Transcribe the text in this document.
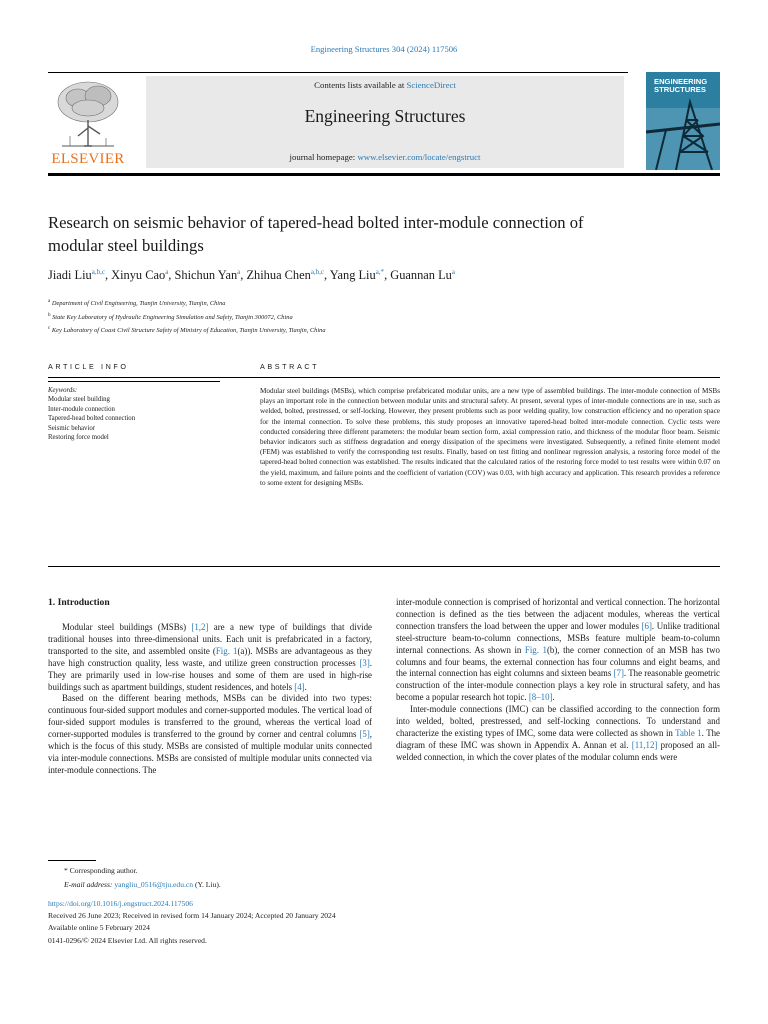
Engineering Structures 304 (2024) 117506
ELSEVIER
Contents lists available at ScienceDirect
Engineering Structures
journal homepage: www.elsevier.com/locate/engstruct
ENGINEERING
STRUCTURES
Research on seismic behavior of tapered-head bolted inter-module connection of modular steel buildings
Jiadi Liu$^{a,b,c}$, Xinyu Cao$^a$, Shichun Yan$^a$, Zhihua Chen$^{a,b,c}$, Yang Liu$^{a,*}$, Guannan Lu$^a$
$^a$ Department of Civil Engineering, Tianjin University, Tianjin, China
$^b$ State Key Laboratory of Hydraulic Engineering Simulation and Safety, Tianjin 300072, China
$^c$ Key Laboratory of Coast Civil Structure Safety of Ministry of Education, Tianjin University, Tianjin, China
ARTICLE INFO	ABSTRACT
Keywords:
Modular steel building
Inter-module connection
Tapered-head bolted connection
Seismic behavior
Restoring force model
Modular steel buildings (MSBs), which comprise prefabricated modular units, are a new type of assembled buildings. The inter-module connection of MSBs plays an important role in the connection between modular units and structural safety. At present, several types of inter-module connections are in use, such as welded, bolted, prestressed, or self-locking. However, they present problems such as poor welding quality, low construction efficiency and no operation space for the internal connection. To solve these problems, this study proposes an innovative tapered-head bolted inter-module connection. Cyclic tests were conducted considering three different parameters: the modular beam section form, axial compression ratio, and thickness of the modular floor beam. Seismic behavior indicators such as stiffness degradation and energy dissipation of the specimens were investigated. Subsequently, a refined finite element model (FEM) was established to verify the corresponding test results. Finally, based on test fitting and nonlinear regression analysis, a restoring force model of the tapered-head bolted connection was established. The results indicated that the calculated ratios of the restoring force model to test results were within 0.07 on the yield, maximum, and failure points and the coefficient of variation (COV) was 0.03, with high accuracy and application. This research provides a reference to some extent for designing MSBs.
1. Introduction

Modular steel buildings (MSBs) [1,2] are a new type of buildings that divide traditional houses into three-dimensional units. Each unit is prefabricated in a factory, transported to the site, and assembled onsite (Fig. 1(a)). MSBs are advantageous as they have high construction quality, less waste, and utilize green construction processes [3]. They are primarily used in low-rise houses and some of them are used in high-rise buildings such as apartment buildings, student residences, and hotels [4].

Based on the different bearing methods, MSBs can be divided into two types: continuous four-sided support modules and corner-supported modules. The vertical load of four-sided support modules is transferred to the ground, whereas the vertical load of corner-supported modules is transferred to the ground by corner and central columns [5], which is the focus of this study. MSBs are consisted of multiple modular units connected via inter-module connections. MSBs are consisted of multiple modular units connected via inter-module connections. The

inter-module connection is comprised of horizontal and vertical connection. The horizontal connection is defined as the ties between the adjacent modules, whereas the vertical connection transfers the load between the upper and lower modules [6]. Unlike traditional steel-structure beam-to-column connections, MSBs feature multiple beam-to-column internal connections. As shown in Fig. 1(b), the corner connection of an MSB has two columns and four beams, the external connection has four columns and eight beams, and the internal connection has eight columns and sixteen beams [7]. The reasonable geometric construction of the inter-module connection plays a key role in structural safety, and has become a popular research hot topic. [8–10].

Inter-module connections (IMC) can be classified according to the connection form into welded, bolted, prestressed, and self-locking connections. To understand and characterize the existing types of IMC, some data were collected as shown in Table 1. The diagram of these IMC was shown in Appendix A. Annan et al. [11,12] proposed an all-welded connection, in which the cover plates of the modular column ends were

* Corresponding author.
E-mail address: yangliu_0516@tju.edu.cn (Y. Liu).
https://doi.org/10.1016/j.engstruct.2024.117506
Received 26 June 2023; Received in revised form 14 January 2024; Accepted 20 January 2024
Available online 5 February 2024
0141-0296/© 2024 Elsevier Ltd. All rights reserved.
